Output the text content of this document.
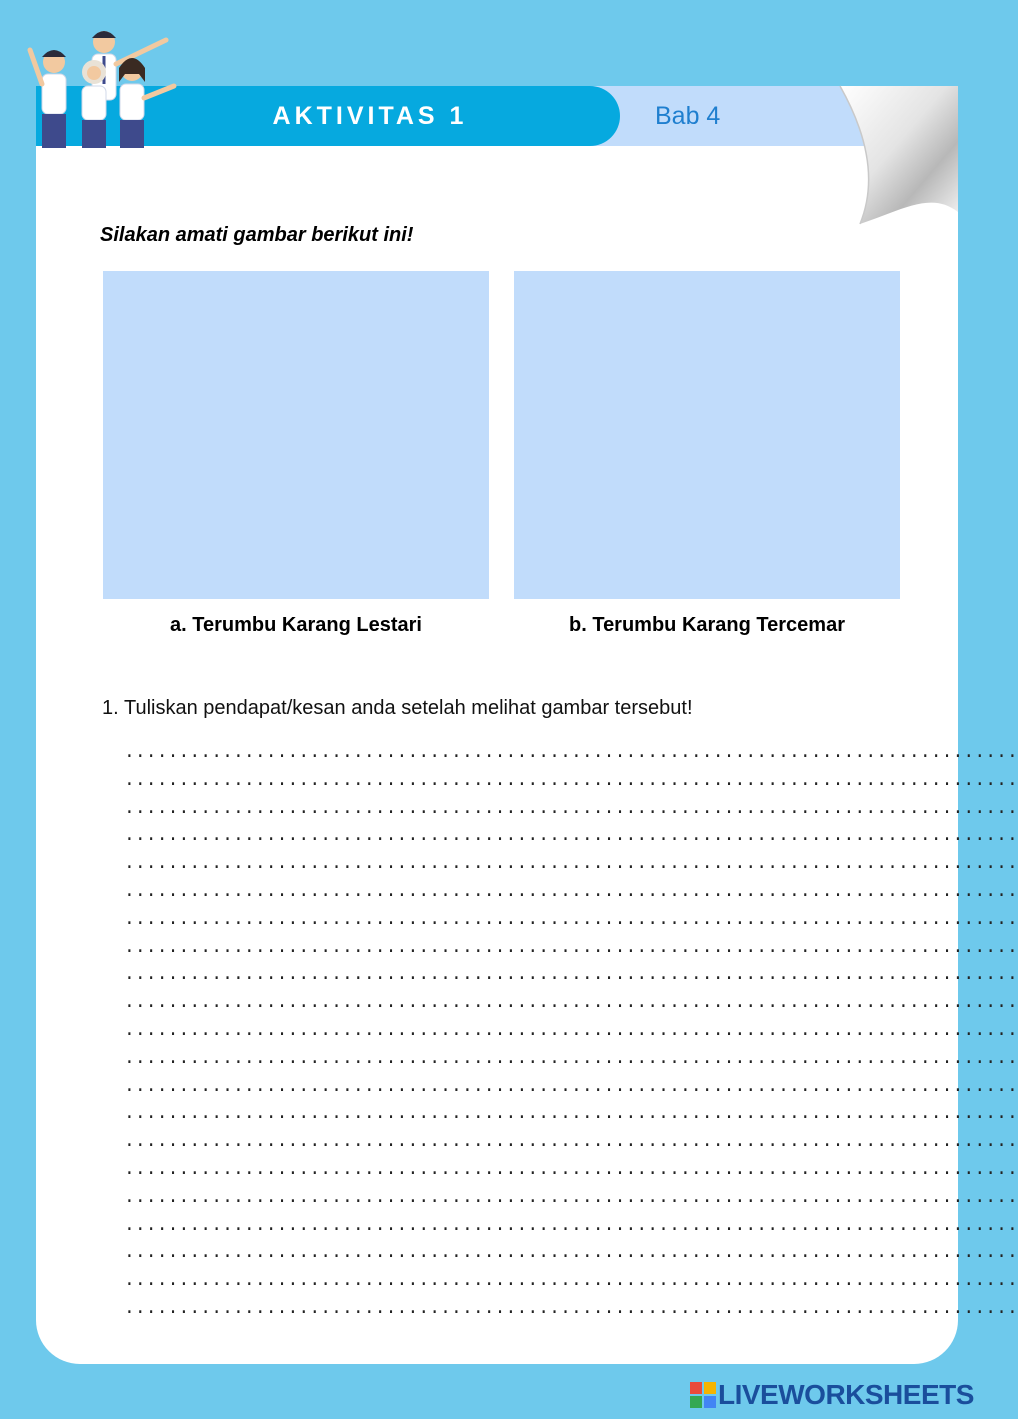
AKTIVITAS 1	Bab 4
Silakan amati gambar berikut ini!
a. Terumbu Karang Lestari	b. Terumbu Karang Tercemar
1. Tuliskan pendapat/kesan anda setelah melihat gambar tersebut!
..................................................................................
..................................................................................
..................................................................................
..................................................................................
..................................................................................
..................................................................................
..................................................................................
..................................................................................
..................................................................................
..................................................................................
..................................................................................
..................................................................................
..................................................................................
..................................................................................
..................................................................................
..................................................................................
..................................................................................
..................................................................................
..................................................................................
..................................................................................
..................................................................................
LIVEWORKSHEETS
